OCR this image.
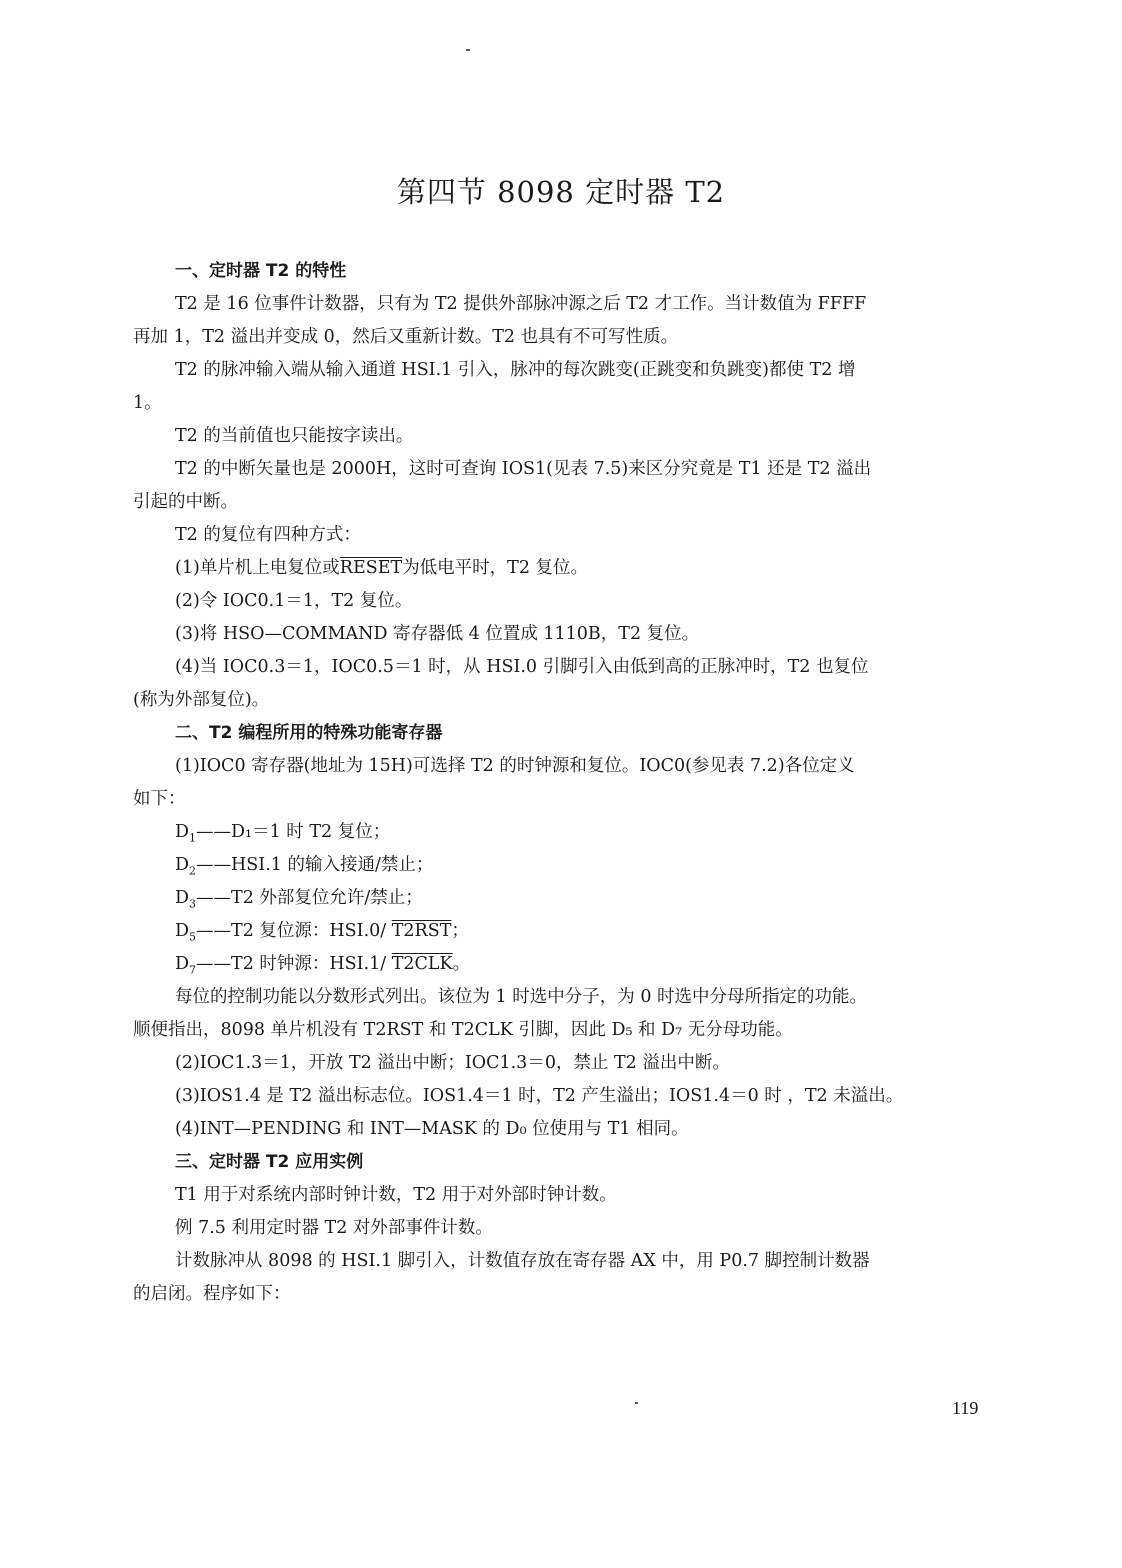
第四节 8098 定时器 T2

一、定时器 T2 的特性

T2 是 16 位事件计数器，只有为 T2 提供外部脉冲源之后 T2 才工作。当计数值为 FFFF

再加 1，T2 溢出并变成 0，然后又重新计数。T2 也具有不可写性质。

T2 的脉冲输入端从输入通道 HSI.1 引入，脉冲的每次跳变(正跳变和负跳变)都使 T2 增

1。

T2 的当前值也只能按字读出。

T2 的中断矢量也是 2000H，这时可查询 IOS1(见表 7.5)来区分究竟是 T1 还是 T2 溢出

引起的中断。

T2 的复位有四种方式：

(1)单片机上电复位或RESET为低电平时，T2 复位。

(2)令 IOC0.1＝1，T2 复位。

(3)将 HSO—COMMAND 寄存器低 4 位置成 1110B，T2 复位。

(4)当 IOC0.3＝1，IOC0.5＝1 时，从 HSI.0 引脚引入由低到高的正脉冲时，T2 也复位

(称为外部复位)。

二、T2 编程所用的特殊功能寄存器

(1)IOC0 寄存器(地址为 15H)可选择 T2 的时钟源和复位。IOC0(参见表 7.2)各位定义

如下：

$D_1——D_1=1$ 时 T2 复位；

$D_2——HSI.1$ 的输入接通/禁止；

$D_3——T2$ 外部复位允许/禁止；

$D_5——T2$ 复位源：HSI.0/ T2RST；

$D_7——T2$ 时钟源：HSI.1/ T2CLK。

每位的控制功能以分数形式列出。该位为 1 时选中分子，为 0 时选中分母所指定的功能。

顺便指出，8098 单片机没有 T2RST 和 T2CLK 引脚，因此 D₅ 和 D₇ 无分母功能。

(2)IOC1.3＝1，开放 T2 溢出中断；IOC1.3＝0，禁止 T2 溢出中断。

(3)IOS1.4 是 T2 溢出标志位。IOS1.4＝1 时，T2 产生溢出；IOS1.4＝0 时 ，T2 未溢出。

(4)INT—PENDING 和 INT—MASK 的 D₀ 位使用与 T1 相同。

三、定时器 T2 应用实例

T1 用于对系统内部时钟计数，T2 用于对外部时钟计数。

例 7.5 利用定时器 T2 对外部事件计数。

计数脉冲从 8098 的 HSI.1 脚引入，计数值存放在寄存器 AX 中，用 P0.7 脚控制计数器

的启闭。程序如下：

119
